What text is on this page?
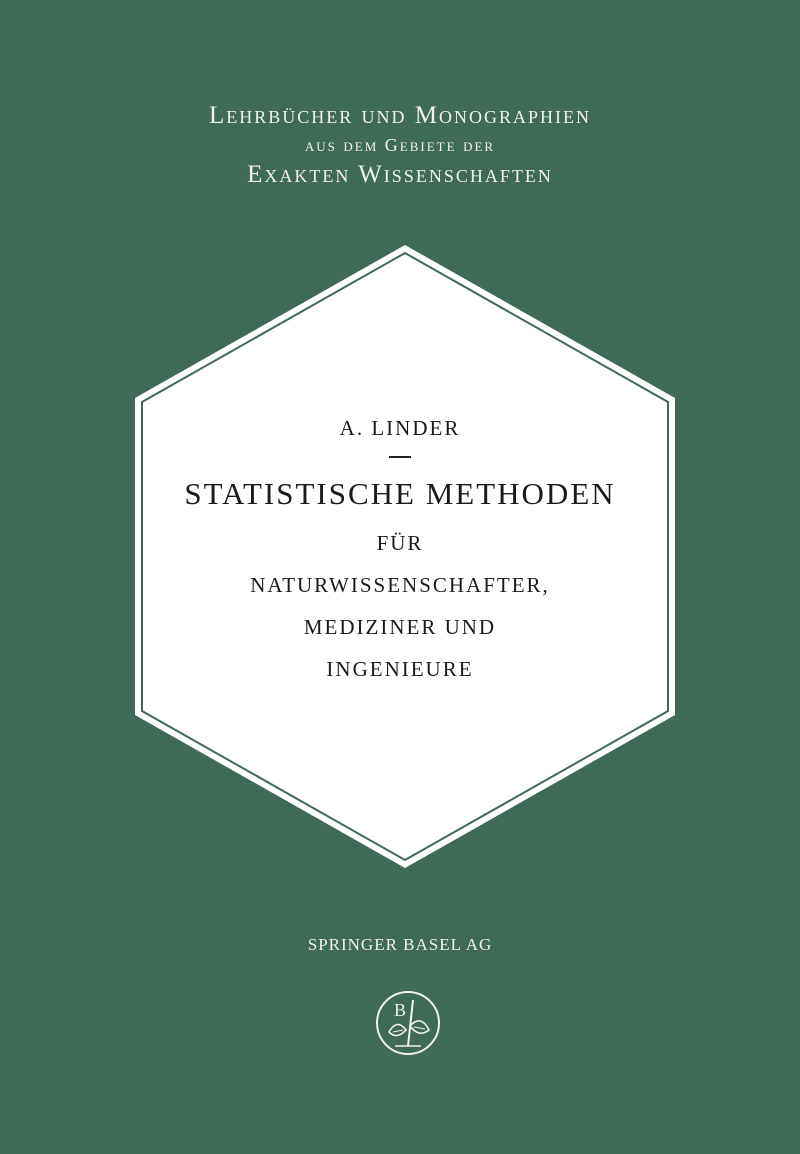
Lehrbücher und Monographien
aus dem Gebiete der
Exakten Wissenschaften
A. LINDER
STATISTISCHE METHODEN
FÜR
NATURWISSENSCHAFTER,
MEDIZINER UND
INGENIEURE
SPRINGER BASEL AG
B
